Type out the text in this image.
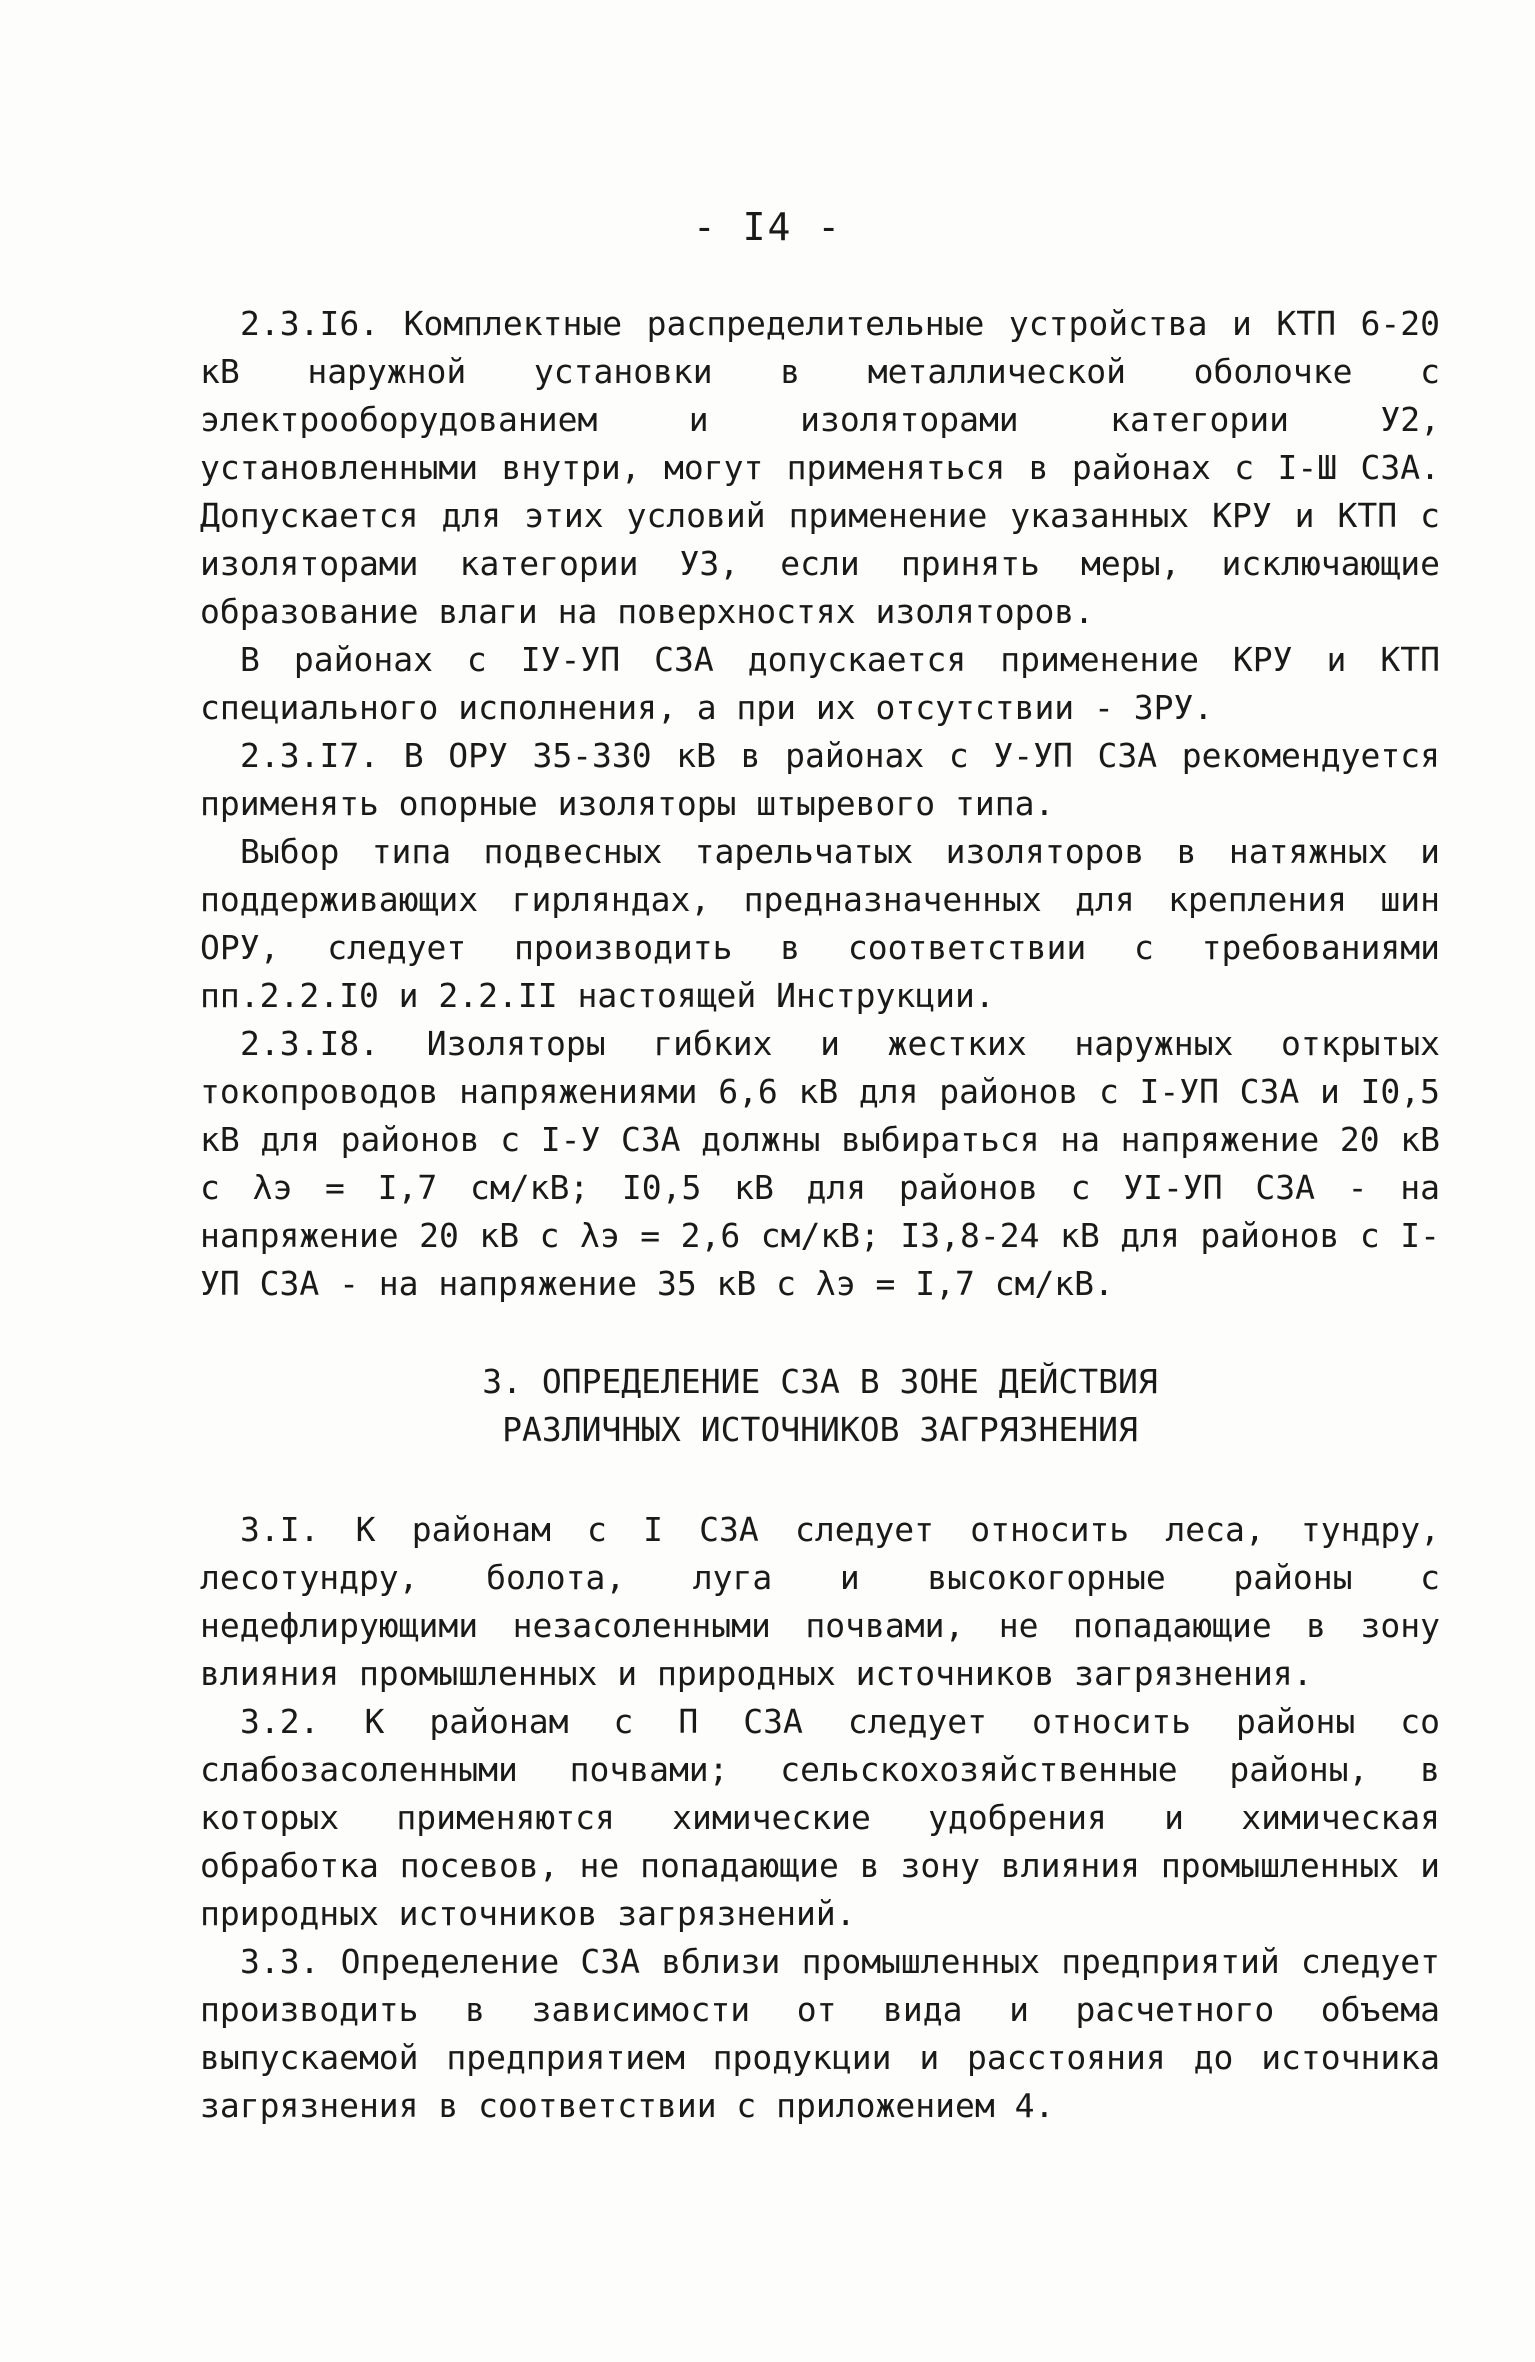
- I4 -

2.3.I6. Комплектные распределительные устройства и КТП 6-20 кВ наружной установки в металлической оболочке с электрооборудованием и изоляторами категории У2, установленными внутри, могут применяться в районах с I-Ш СЗА. Допускается для этих условий применение указанных КРУ и КТП с изоляторами категории У3, если принять меры, исключающие образование влаги на поверхностях изоляторов.

В районах с IУ-УП СЗА допускается применение КРУ и КТП специального исполнения, а при их отсутствии - ЗРУ.

2.3.I7. В ОРУ 35-330 кВ в районах с У-УП СЗА рекомендуется применять опорные изоляторы штыревого типа.

Выбор типа подвесных тарельчатых изоляторов в натяжных и поддерживающих гирляндах, предназначенных для крепления шин ОРУ, следует производить в соответствии с требованиями пп.2.2.I0 и 2.2.II настоящей Инструкции.

2.3.I8. Изоляторы гибких и жестких наружных открытых токопроводов напряжениями 6,6 кВ для районов с I-УП СЗА и I0,5 кВ для районов с I-У СЗА должны выбираться на напряжение 20 кВ с λэ = I,7 см/кВ; I0,5 кВ для районов с УI-УП СЗА - на напряжение 20 кВ с λэ = 2,6 см/кВ; I3,8-24 кВ для районов с I-УП СЗА - на напряжение 35 кВ с λэ = I,7 см/кВ.

3. ОПРЕДЕЛЕНИЕ СЗА В ЗОНЕ ДЕЙСТВИЯ
РАЗЛИЧНЫХ ИСТОЧНИКОВ ЗАГРЯЗНЕНИЯ

3.I. К районам с I СЗА следует относить леса, тундру, лесотундру, болота, луга и высокогорные районы с недефлирующими незасоленными почвами, не попадающие в зону влияния промышленных и природных источников загрязнения.

3.2. К районам с П СЗА следует относить районы со слабозасоленными почвами; сельскохозяйственные районы, в которых применяются химические удобрения и химическая обработка посевов, не попадающие в зону влияния промышленных и природных источников загрязнений.

3.3. Определение СЗА вблизи промышленных предприятий следует производить в зависимости от вида и расчетного объема выпускаемой предприятием продукции и расстояния до источника загрязнения в соответствии с приложением 4.
